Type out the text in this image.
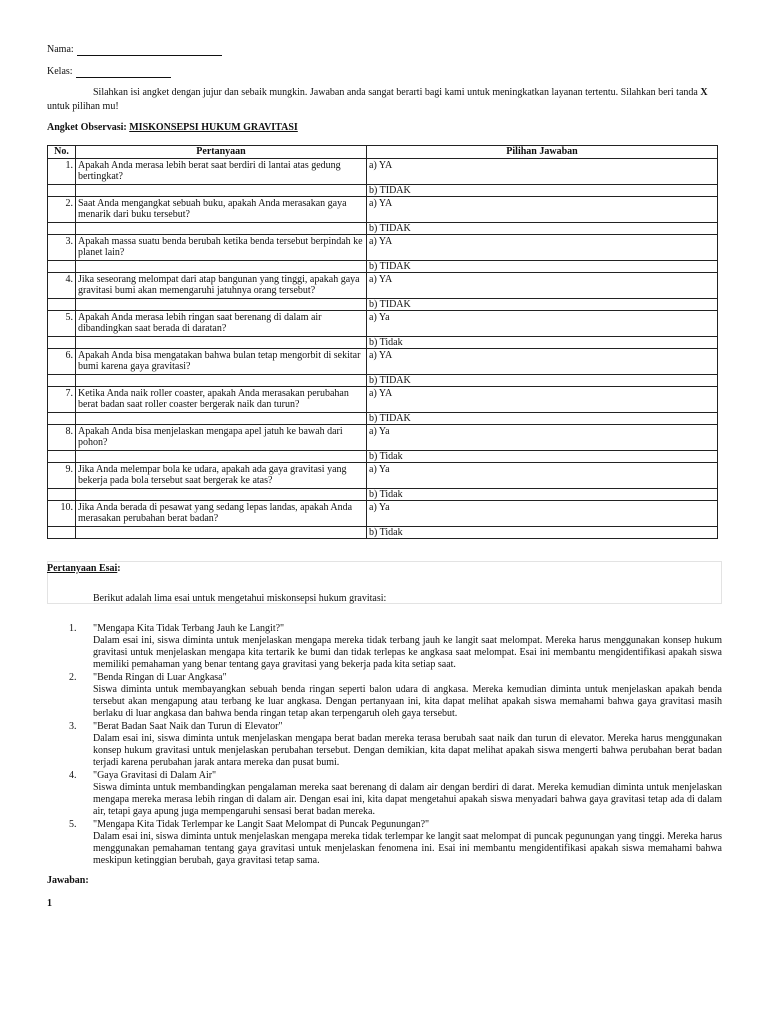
Nama:
Kelas:
Silahkan isi angket dengan jujur dan sebaik mungkin. Jawaban anda sangat berarti bagi kami untuk meningkatkan layanan tertentu. Silahkan beri tanda X untuk pilihan mu!
Angket Observasi: MISKONSEPSI HUKUM GRAVITASI
No.	Pertanyaan	Pilihan Jawaban
1.	Apakah Anda merasa lebih berat saat berdiri di lantai atas gedung bertingkat?	a) YA
		b) TIDAK
2.	Saat Anda mengangkat sebuah buku, apakah Anda merasakan gaya menarik dari buku tersebut?	a) YA
		b) TIDAK
3.	Apakah massa suatu benda berubah ketika benda tersebut berpindah ke planet lain?	a) YA
		b) TIDAK
4.	Jika seseorang melompat dari atap bangunan yang tinggi, apakah gaya gravitasi bumi akan memengaruhi jatuhnya orang tersebut?	a) YA
		b) TIDAK
5.	Apakah Anda merasa lebih ringan saat berenang di dalam air dibandingkan saat berada di daratan?	a) Ya
		b) Tidak
6.	Apakah Anda bisa mengatakan bahwa bulan tetap mengorbit di sekitar bumi karena gaya gravitasi?	a) YA
		b) TIDAK
7.	Ketika Anda naik roller coaster, apakah Anda merasakan perubahan berat badan saat roller coaster bergerak naik dan turun?	a) YA
		b) TIDAK
8.	Apakah Anda bisa menjelaskan mengapa apel jatuh ke bawah dari pohon?	a) Ya
		b) Tidak
9.	Jika Anda melempar bola ke udara, apakah ada gaya gravitasi yang bekerja pada bola tersebut saat bergerak ke atas?	a) Ya
		b) Tidak
10.	Jika Anda berada di pesawat yang sedang lepas landas, apakah Anda merasakan perubahan berat badan?	a) Ya
		b) Tidak
Pertanyaan Esai:
Berikut adalah lima esai untuk mengetahui miskonsepsi hukum gravitasi:
1. "Mengapa Kita Tidak Terbang Jauh ke Langit?"
Dalam esai ini, siswa diminta untuk menjelaskan mengapa mereka tidak terbang jauh ke langit saat melompat. Mereka harus menggunakan konsep hukum gravitasi untuk menjelaskan mengapa kita tertarik ke bumi dan tidak terlepas ke angkasa saat melompat. Esai ini membantu mengidentifikasi apakah siswa memiliki pemahaman yang benar tentang gaya gravitasi yang bekerja pada kita setiap saat.
2. "Benda Ringan di Luar Angkasa"
Siswa diminta untuk membayangkan sebuah benda ringan seperti balon udara di angkasa. Mereka kemudian diminta untuk menjelaskan apakah benda tersebut akan mengapung atau terbang ke luar angkasa. Dengan pertanyaan ini, kita dapat melihat apakah siswa memahami bahwa gaya gravitasi masih berlaku di luar angkasa dan bahwa benda ringan tetap akan terpengaruh oleh gaya tersebut.
3. "Berat Badan Saat Naik dan Turun di Elevator"
Dalam esai ini, siswa diminta untuk menjelaskan mengapa berat badan mereka terasa berubah saat naik dan turun di elevator. Mereka harus menggunakan konsep hukum gravitasi untuk menjelaskan perubahan tersebut. Dengan demikian, kita dapat melihat apakah siswa mengerti bahwa perubahan berat badan terjadi karena perubahan jarak antara mereka dan pusat bumi.
4. "Gaya Gravitasi di Dalam Air"
Siswa diminta untuk membandingkan pengalaman mereka saat berenang di dalam air dengan berdiri di darat. Mereka kemudian diminta untuk menjelaskan mengapa mereka merasa lebih ringan di dalam air. Dengan esai ini, kita dapat mengetahui apakah siswa menyadari bahwa gaya gravitasi tetap ada di dalam air, tetapi gaya apung juga mempengaruhi sensasi berat badan mereka.
5. "Mengapa Kita Tidak Terlempar ke Langit Saat Melompat di Puncak Pegunungan?"
Dalam esai ini, siswa diminta untuk menjelaskan mengapa mereka tidak terlempar ke langit saat melompat di puncak pegunungan yang tinggi. Mereka harus menggunakan pemahaman tentang gaya gravitasi untuk menjelaskan fenomena ini. Esai ini membantu mengidentifikasi apakah siswa memahami bahwa meskipun ketinggian berubah, gaya gravitasi tetap sama.
Jawaban:
1
